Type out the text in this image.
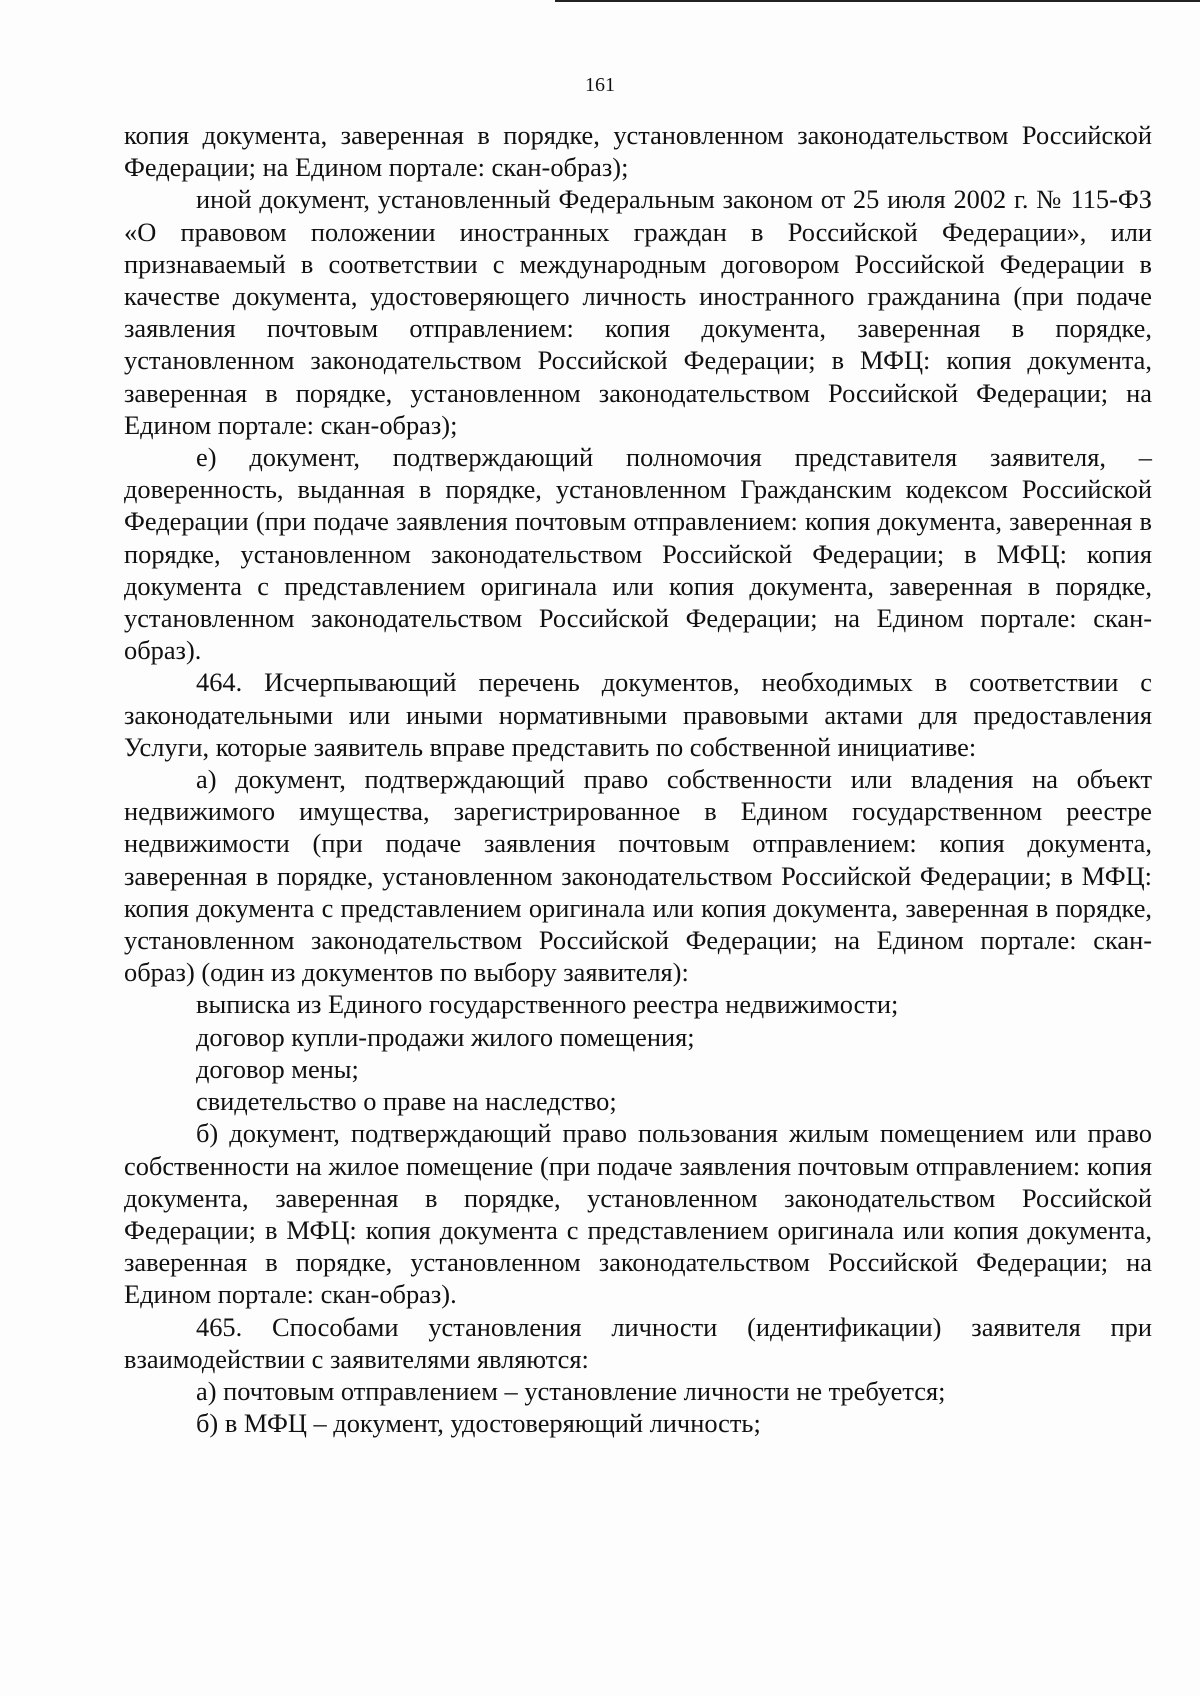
161

копия документа, заверенная в порядке, установленном законодательством Российской Федерации; на Едином портале: скан-образ);

иной документ, установленный Федеральным законом от 25 июля 2002 г. № 115-ФЗ «О правовом положении иностранных граждан в Российской Федерации», или признаваемый в соответствии с международным договором Российской Федерации в качестве документа, удостоверяющего личность иностранного гражданина (при подаче заявления почтовым отправлением: копия документа, заверенная в порядке, установленном законодательством Российской Федерации; в МФЦ: копия документа, заверенная в порядке, установленном законодательством Российской Федерации; на Едином портале: скан-образ);

е) документ, подтверждающий полномочия представителя заявителя, – доверенность, выданная в порядке, установленном Гражданским кодексом Российской Федерации (при подаче заявления почтовым отправлением: копия документа, заверенная в порядке, установленном законодательством Российской Федерации; в МФЦ: копия документа с представлением оригинала или копия документа, заверенная в порядке, установленном законодательством Российской Федерации; на Едином портале: скан-образ).

464. Исчерпывающий перечень документов, необходимых в соответствии с законодательными или иными нормативными правовыми актами для предоставления Услуги, которые заявитель вправе представить по собственной инициативе:

а) документ, подтверждающий право собственности или владения на объект недвижимого имущества, зарегистрированное в Едином государственном реестре недвижимости (при подаче заявления почтовым отправлением: копия документа, заверенная в порядке, установленном законодательством Российской Федерации; в МФЦ: копия документа с представлением оригинала или копия документа, заверенная в порядке, установленном законодательством Российской Федерации; на Едином портале: скан-образ) (один из документов по выбору заявителя):

выписка из Единого государственного реестра недвижимости;

договор купли-продажи жилого помещения;

договор мены;

свидетельство о праве на наследство;

б) документ, подтверждающий право пользования жилым помещением или право собственности на жилое помещение (при подаче заявления почтовым отправлением: копия документа, заверенная в порядке, установленном законодательством Российской Федерации; в МФЦ: копия документа с представлением оригинала или копия документа, заверенная в порядке, установленном законодательством Российской Федерации; на Едином портале: скан-образ).

465. Способами установления личности (идентификации) заявителя при взаимодействии с заявителями являются:

а) почтовым отправлением – установление личности не требуется;

б) в МФЦ – документ, удостоверяющий личность;
